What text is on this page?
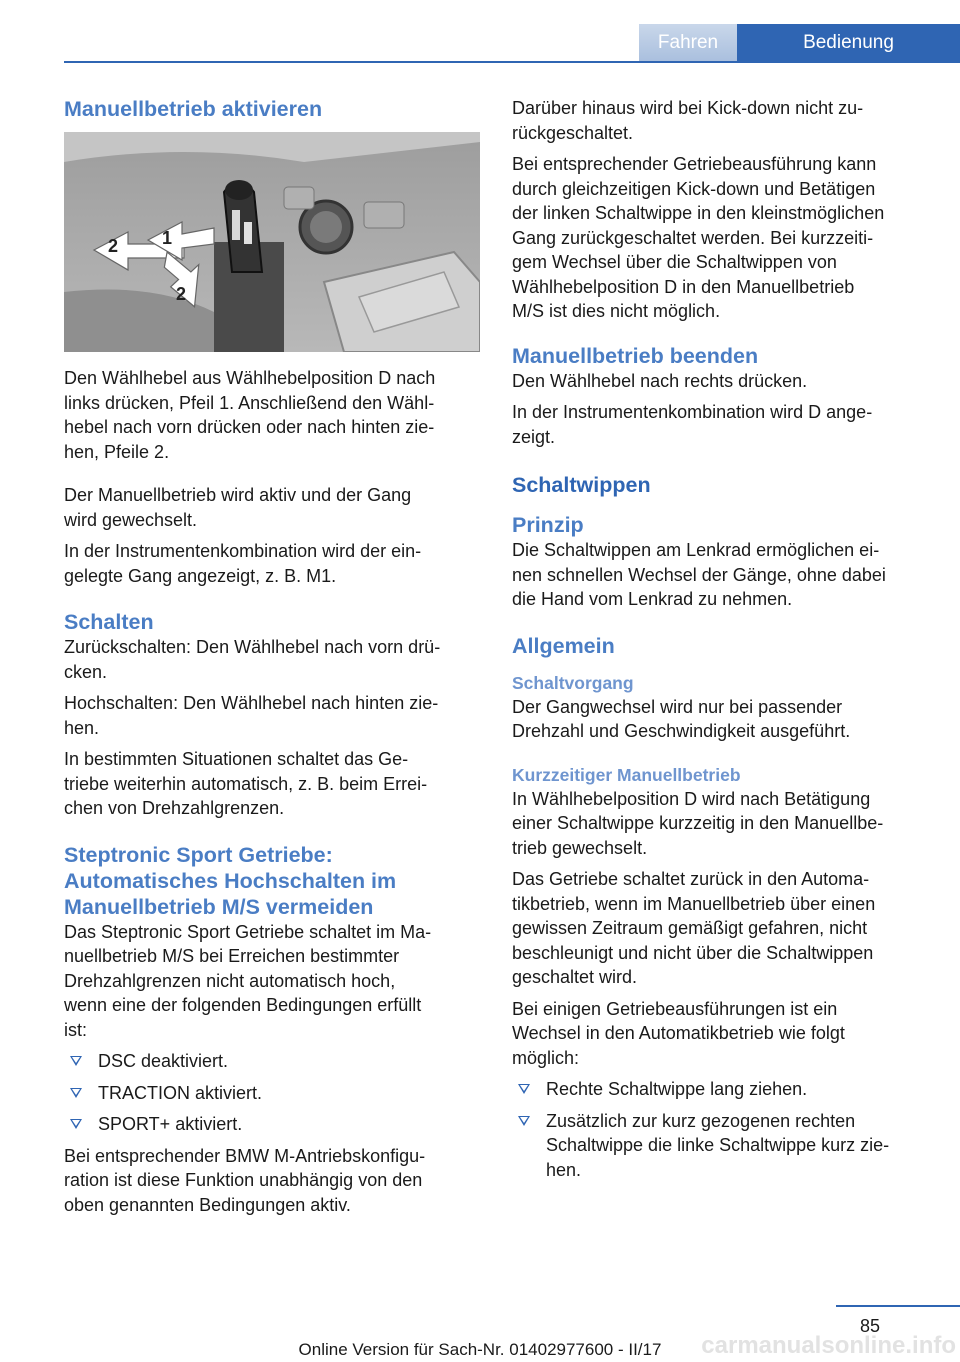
Fahren	Bedienung
Manuellbetrieb aktivieren
2 1
2

Den Wählhebel aus Wählhebelposition D nach
links drücken, Pfeil 1. Anschließend den Wähl-
hebel nach vorn drücken oder nach hinten zie-
hen, Pfeile 2.

Der Manuellbetrieb wird aktiv und der Gang
wird gewechselt.

In der Instrumentenkombination wird der ein-
gelegte Gang angezeigt, z. B. M1.

Schalten

Zurückschalten: Den Wählhebel nach vorn drü-
cken.

Hochschalten: Den Wählhebel nach hinten zie-
hen.

In bestimmten Situationen schaltet das Ge-
triebe weiterhin automatisch, z. B. beim Errei-
chen von Drehzahlgrenzen.

Steptronic Sport Getriebe:
Automatisches Hochschalten im
Manuellbetrieb M/S vermeiden

Das Steptronic Sport Getriebe schaltet im Ma-
nuellbetrieb M/S bei Erreichen bestimmter
Drehzahlgrenzen nicht automatisch hoch,
wenn eine der folgenden Bedingungen erfüllt
ist:

DSC deaktiviert.
TRACTION aktiviert.
SPORT+ aktiviert.

Bei entsprechender BMW M-Antriebskonfigu-
ration ist diese Funktion unabhängig von den
oben genannten Bedingungen aktiv.

Darüber hinaus wird bei Kick-down nicht zu-
rückgeschaltet.

Bei entsprechender Getriebeausführung kann
durch gleichzeitigen Kick-down und Betätigen
der linken Schaltwippe in den kleinstmöglichen
Gang zurückgeschaltet werden. Bei kurzzeiti-
gem Wechsel über die Schaltwippen von
Wählhebelposition D in den Manuellbetrieb
M/S ist dies nicht möglich.

Manuellbetrieb beenden

Den Wählhebel nach rechts drücken.

In der Instrumentenkombination wird D ange-
zeigt.

Schaltwippen
Prinzip

Die Schaltwippen am Lenkrad ermöglichen ei-
nen schnellen Wechsel der Gänge, ohne dabei
die Hand vom Lenkrad zu nehmen.

Allgemein
Schaltvorgang

Der Gangwechsel wird nur bei passender
Drehzahl und Geschwindigkeit ausgeführt.

Kurzzeitiger Manuellbetrieb

In Wählhebelposition D wird nach Betätigung
einer Schaltwippe kurzzeitig in den Manuellbe-
trieb gewechselt.

Das Getriebe schaltet zurück in den Automa-
tikbetrieb, wenn im Manuellbetrieb über einen
gewissen Zeitraum gemäßigt gefahren, nicht
beschleunigt und nicht über die Schaltwippen
geschaltet wird.

Bei einigen Getriebeausführungen ist ein
Wechsel in den Automatikbetrieb wie folgt
möglich:

Rechte Schaltwippe lang ziehen.
Zusätzlich zur kurz gezogenen rechten
Schaltwippe die linke Schaltwippe kurz zie-
hen.
85
carmanualsonline.info
Online Version für Sach-Nr. 01402977600 - II/17
